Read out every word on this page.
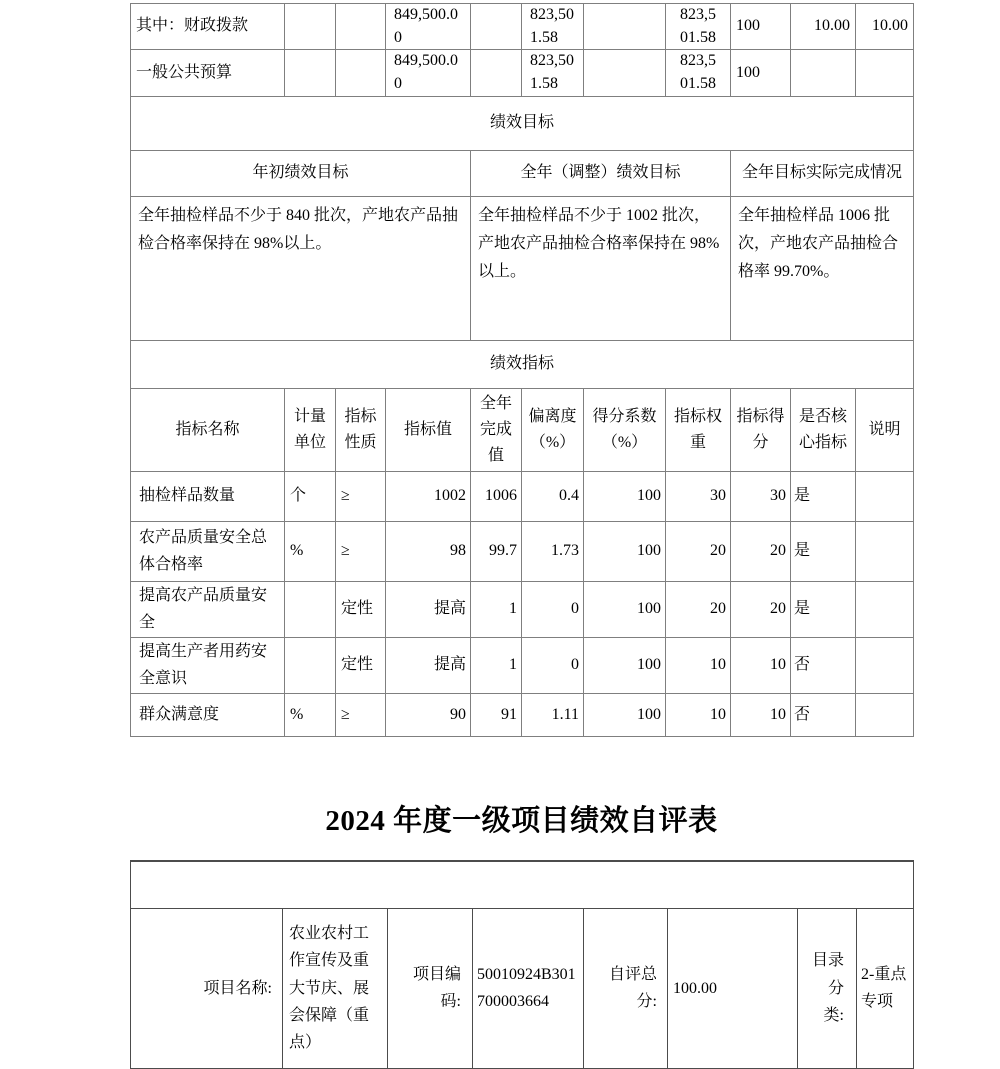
其中：财政拨款			849,500.00		823,501.58		823,501.58	100	10.00	10.00
一般公共预算			849,500.00		823,501.58		823,501.58	100		
绩效目标										
年初绩效目标				全年（调整）绩效目标				全年目标实际完成情况		
全年抽检样品不少于 840 批次，产地农产品抽检合格率保持在 98%以上。				全年抽检样品不少于 1002 批次，产地农产品抽检合格率保持在 98%以上。				全年抽检样品 1006 批次，产地农产品抽检合格率 99.70%。		
绩效指标										
指标名称	计量单位	指标性质	指标值	全年完成值	偏离度（%）	得分系数（%）	指标权重	指标得分	是否核心指标	说明
抽检样品数量	个	≥	1002	1006	0.4	100	30	30	是	
农产品质量安全总体合格率	%	≥	98	99.7	1.73	100	20	20	是	
提高农产品质量安全		定性	提高	1	0	100	20	20	是	
提高生产者用药安全意识		定性	提高	1	0	100	10	10	否	
群众满意度	%	≥	90	91	1.11	100	10	10	否	
2024 年度一级项目绩效自评表

项目名称:	农业农村工作宣传及重大节庆、展会保障（重点）	项目编码:	50010924B301700003664	自评总分:	100.00	目录分类:	2-重点专项
